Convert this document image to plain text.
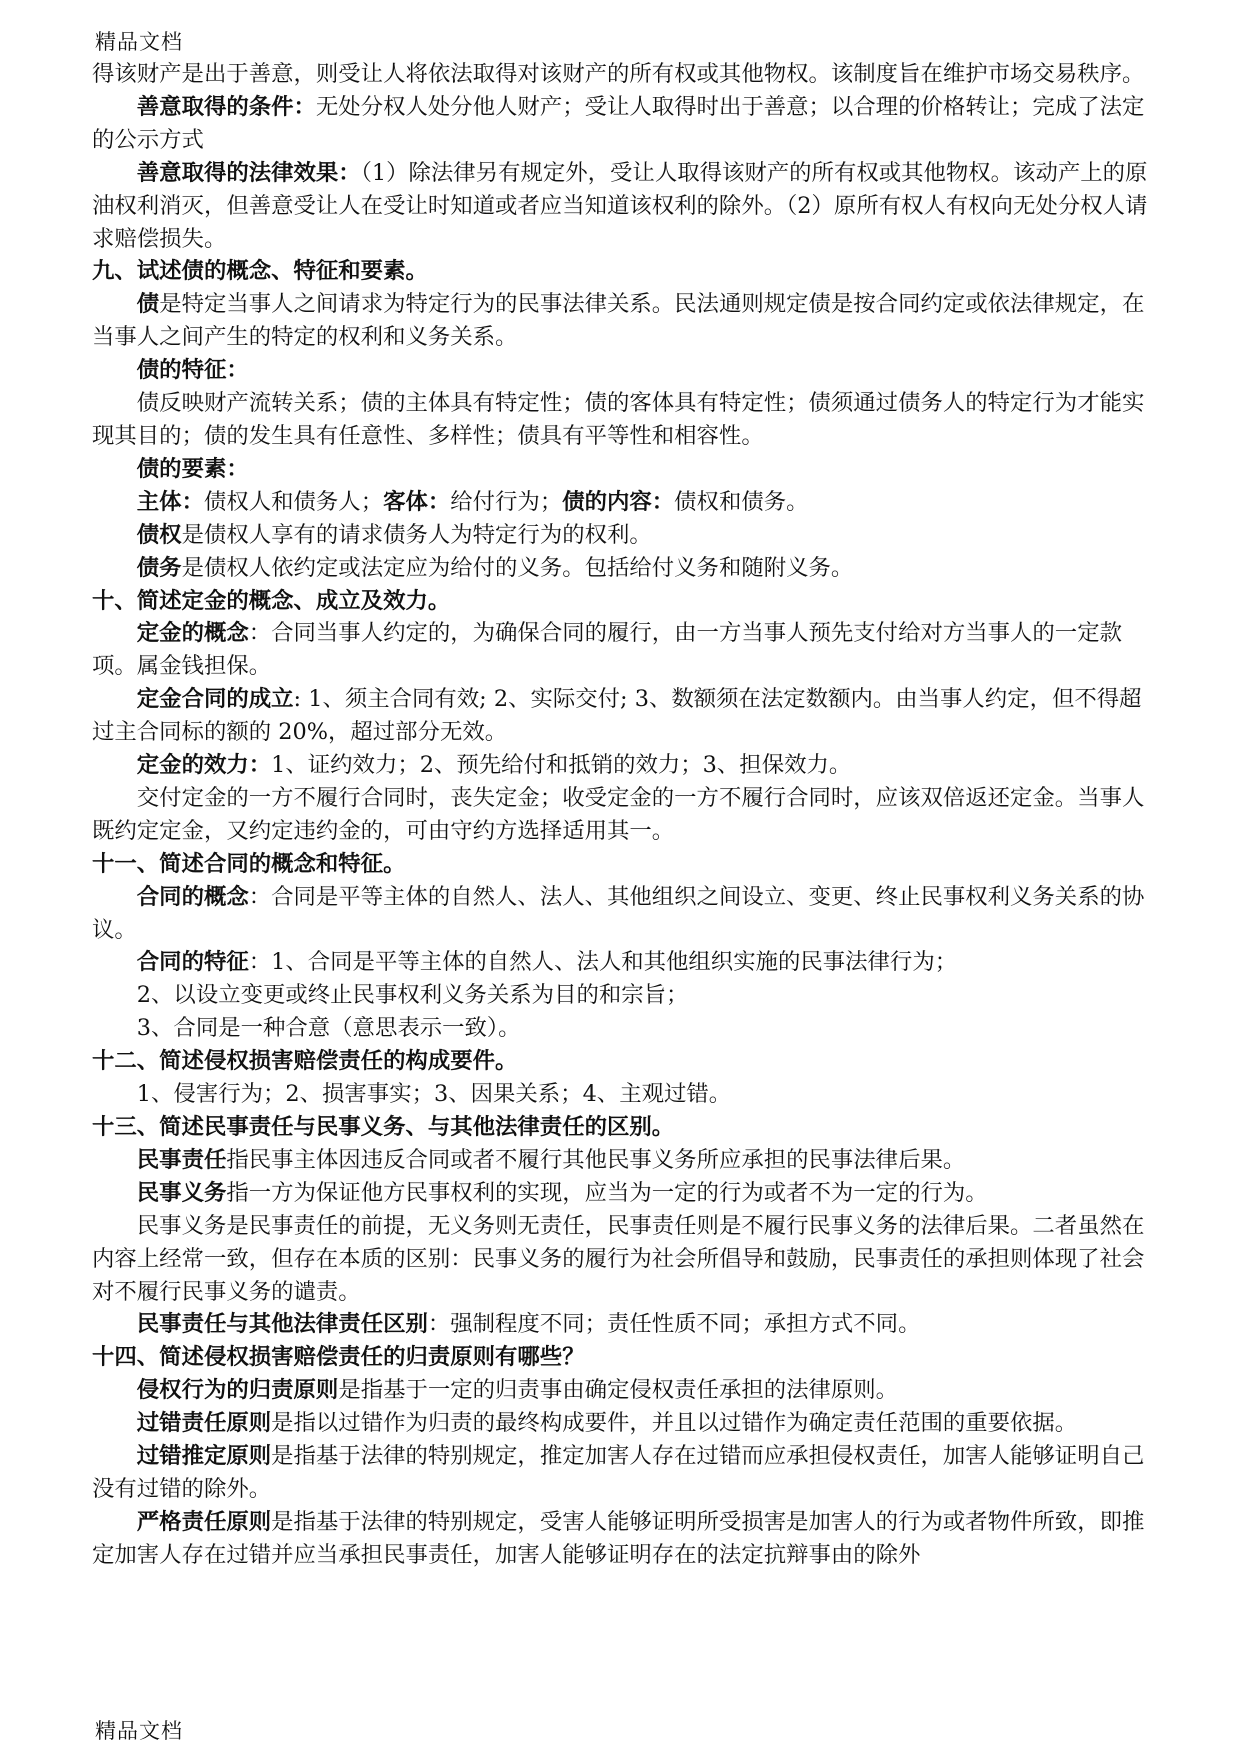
精品文档

得该财产是出于善意，则受让人将依法取得对该财产的所有权或其他物权。该制度旨在维护市场交易秩序。

善意取得的条件：无处分权人处分他人财产；受让人取得时出于善意；以合理的价格转让；完成了法定的公示方式

善意取得的法律效果：（1）除法律另有规定外，受让人取得该财产的所有权或其他物权。该动产上的原油权利消灭，但善意受让人在受让时知道或者应当知道该权利的除外。（2）原所有权人有权向无处分权人请求赔偿损失。

九、试述债的概念、特征和要素。

债是特定当事人之间请求为特定行为的民事法律关系。民法通则规定债是按合同约定或依法律规定，在当事人之间产生的特定的权利和义务关系。

债的特征：

债反映财产流转关系；债的主体具有特定性；债的客体具有特定性；债须通过债务人的特定行为才能实现其目的；债的发生具有任意性、多样性；债具有平等性和相容性。

债的要素：

主体：债权人和债务人；客体：给付行为；债的内容：债权和债务。

债权是债权人享有的请求债务人为特定行为的权利。

债务是债权人依约定或法定应为给付的义务。包括给付义务和随附义务。

十、简述定金的概念、成立及效力。

定金的概念：合同当事人约定的，为确保合同的履行，由一方当事人预先支付给对方当事人的一定款项。属金钱担保。

定金合同的成立: 1、须主合同有效; 2、实际交付; 3、数额须在法定数额内。由当事人约定，但不得超过主合同标的额的 20%，超过部分无效。

定金的效力：1、证约效力；2、预先给付和抵销的效力；3、担保效力。

交付定金的一方不履行合同时，丧失定金；收受定金的一方不履行合同时，应该双倍返还定金。当事人既约定定金，又约定违约金的，可由守约方选择适用其一。

十一、简述合同的概念和特征。

合同的概念：合同是平等主体的自然人、法人、其他组织之间设立、变更、终止民事权利义务关系的协议。

合同的特征：1、合同是平等主体的自然人、法人和其他组织实施的民事法律行为；

2、以设立变更或终止民事权利义务关系为目的和宗旨；

3、合同是一种合意（意思表示一致）。

十二、简述侵权损害赔偿责任的构成要件。

1、侵害行为；2、损害事实；3、因果关系；4、主观过错。

十三、简述民事责任与民事义务、与其他法律责任的区别。

民事责任指民事主体因违反合同或者不履行其他民事义务所应承担的民事法律后果。

民事义务指一方为保证他方民事权利的实现，应当为一定的行为或者不为一定的行为。

民事义务是民事责任的前提，无义务则无责任，民事责任则是不履行民事义务的法律后果。二者虽然在内容上经常一致，但存在本质的区别：民事义务的履行为社会所倡导和鼓励，民事责任的承担则体现了社会对不履行民事义务的谴责。

民事责任与其他法律责任区别：强制程度不同；责任性质不同；承担方式不同。

十四、简述侵权损害赔偿责任的归责原则有哪些？

侵权行为的归责原则是指基于一定的归责事由确定侵权责任承担的法律原则。

过错责任原则是指以过错作为归责的最终构成要件，并且以过错作为确定责任范围的重要依据。

过错推定原则是指基于法律的特别规定，推定加害人存在过错而应承担侵权责任，加害人能够证明自己没有过错的除外。

严格责任原则是指基于法律的特别规定，受害人能够证明所受损害是加害人的行为或者物件所致，即推定加害人存在过错并应当承担民事责任，加害人能够证明存在的法定抗辩事由的除外

精品文档
